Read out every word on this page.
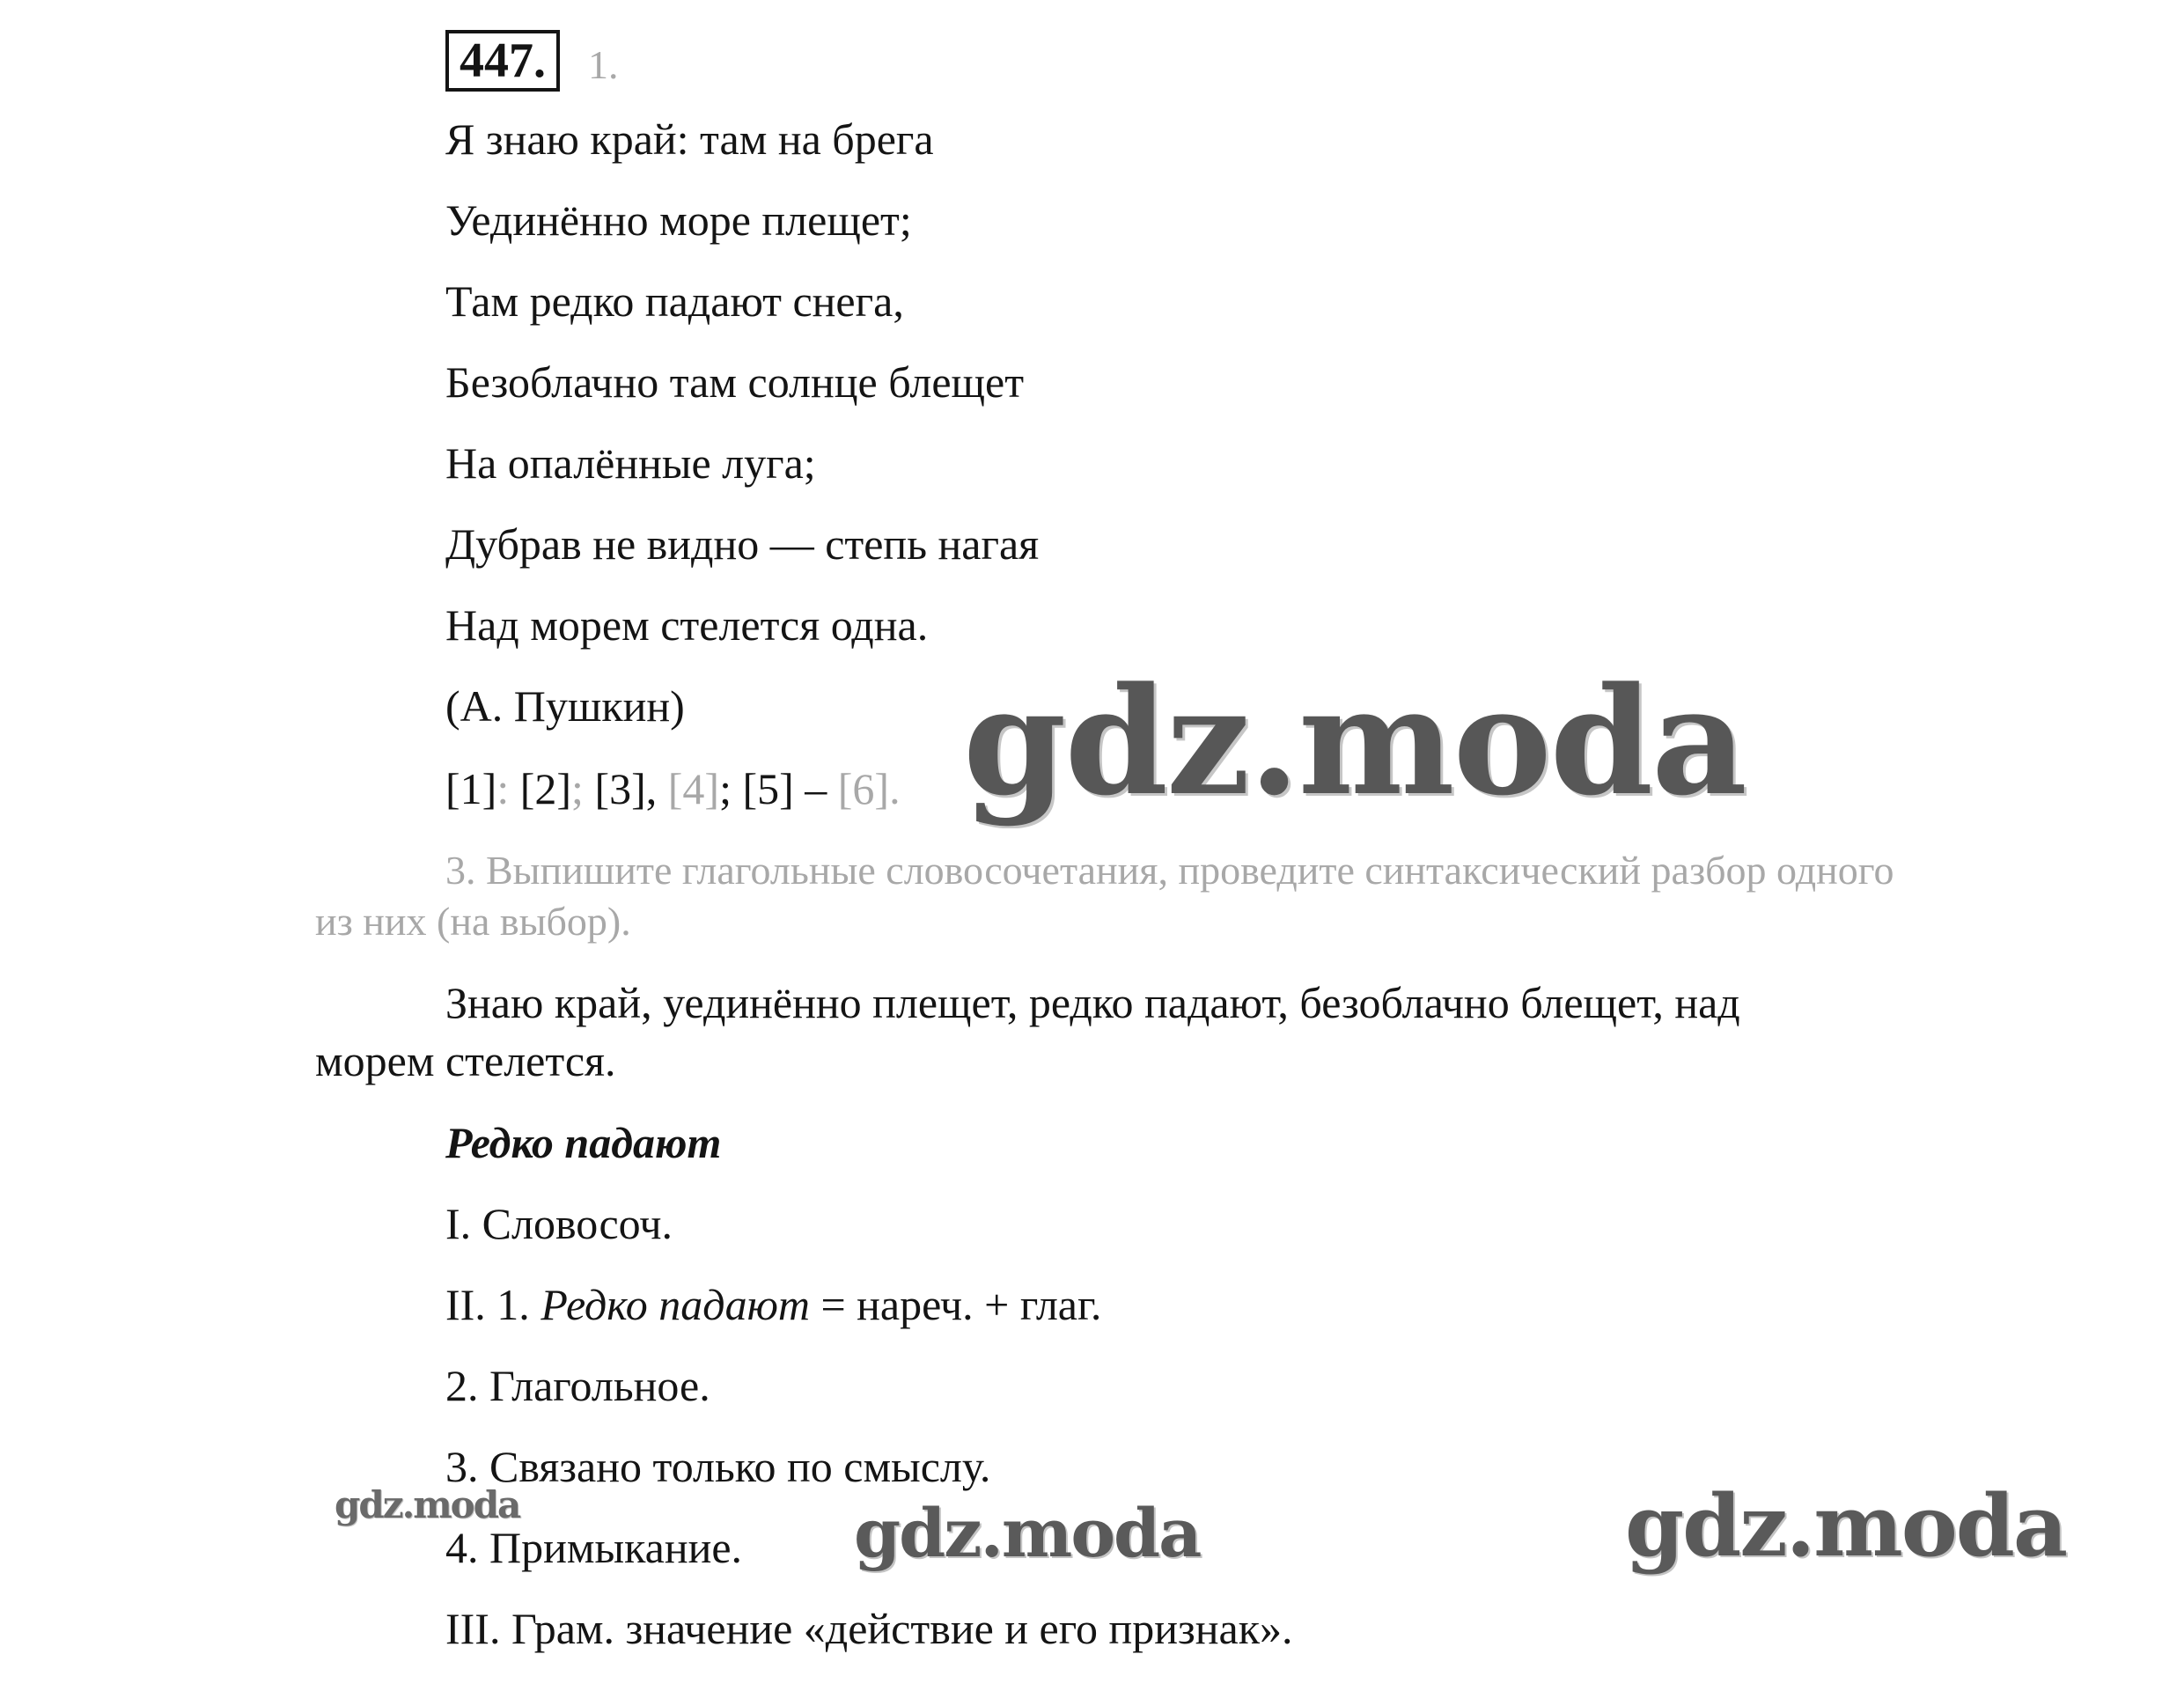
447.	1.
Я знаю край: там на брега
Уединённо море плещет;
Там редко падают снега,
Безоблачно там солнце блещет
На опалённые луга;
Дубрав не видно — степь нагая
Над морем стелется одна.
(А. Пушкин)
[1]: [2]; [3], [4]; [5] – [6].
3. Выпишите глагольные словосочетания, проведите синтаксический разбор одного
из них (на выбор).
Знаю край, уединённо плещет, редко падают, безоблачно блещет, над
морем стелется.
Редко падают
I. Словосоч.
II. 1. Редко падают = нареч. + глаг.
2. Глагольное.
3. Связано только по смыслу.
4. Примыкание.
III. Грам. значение «действие и его признак».
gdz.moda
gdz.moda	gdz.moda	gdz.moda
